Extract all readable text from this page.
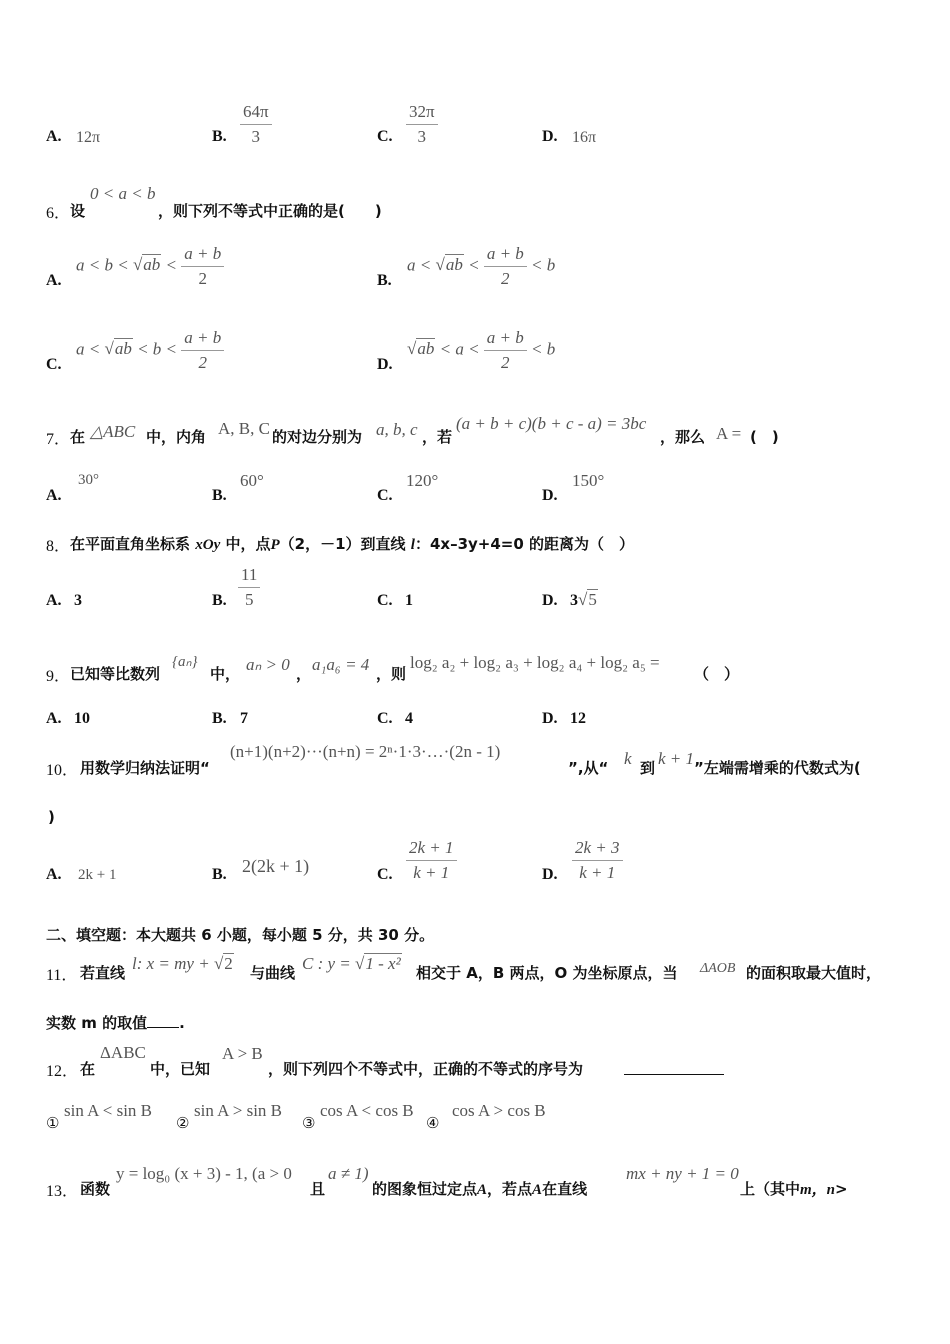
A. 12π	B. $\frac{64\pi}{3}$	C. $\frac{32\pi}{3}$	D. 16π
6． 设
0 < a < b
，则下列不等式中正确的是(　　)
A.
$a < b < √ab < \frac{a + b}{2}$	B.
$a < √ab < \frac{a + b}{2} < b$
C.
$a < √ab < b < \frac{a + b}{2}$	D.
$√ab < a < \frac{a + b}{2} < b$
7． 在 △ABC 中，内角 A, B, C 的对边分别为 a, b, c ，若
(a + b + c)(b + c - a) = 3bc
，那么 A = (　)
A.
30°
B.
60°
C.
120°
D.
150°
8． 在平面直角坐标系 xOy 中，点P（2，－1）到直线 l：4x–3y+4=0 的距离为（　）
A. 3	B. $\frac{11}{5}$	C. 1	D. 3√5
9． 已知等比数列
{aₙ}
中， aₙ > 0 ， a₁a₆ = 4 ，则
log₂ a₂ + log₂ a₃ + log₂ a₄ + log₂ a₅ =
（　）
A. 10	B. 7	C. 4	D. 12
10． 用数学归纳法证明“
(n+1)(n+2)···(n+n) = 2ⁿ·1·3·…·(2n - 1)
”,从“ k 到 k + 1 ”左端需增乘的代数式为(
)
A. 2k + 1	B. 2(2k + 1)	C. $\frac{2k + 1}{k + 1}$	D. $\frac{2k + 3}{k + 1}$
二、填空题：本大题共 6 小题，每小题 5 分，共 30 分。
11． 若直线 l: x = my + √2 与曲线 C : y = √1 - x² 相交于 A，B 两点，O 为坐标原点，当 ΔAOB 的面积取最大值时，
实数 m 的取值 .
12． 在
ΔABC
中，已知
A > B
，则下列四个不等式中，正确的不等式的序号为
①
sin A < sin B
②
sin A > sin B
③
cos A < cos B
④
cos A > cos B
13． 函数
y = log₀ (x + 3) - 1, (a > 0
且
a ≠ 1)
的图象恒过定点A，若点A在直线
mx + ny + 1 = 0
上（其中m，n>
